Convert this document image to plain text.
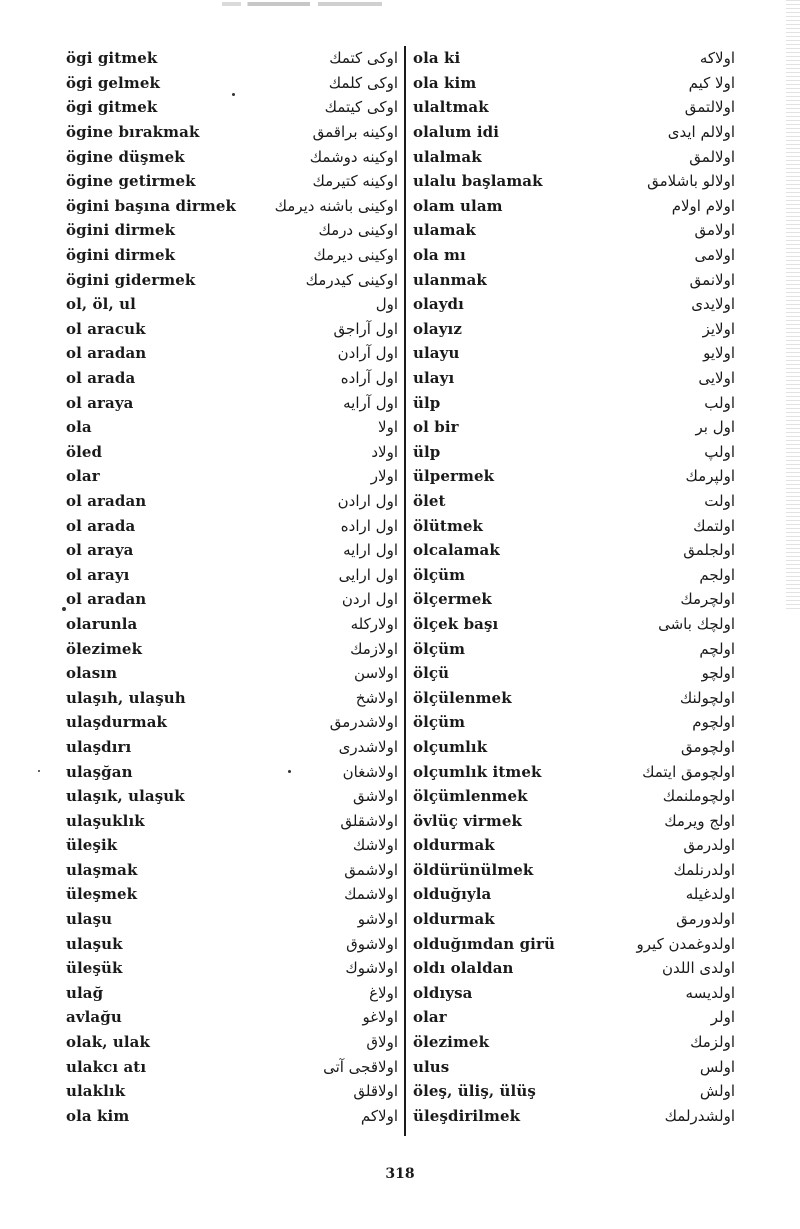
ögi gitmek	اوکی کتمك
ögi gelmek	اوکی کلمك
ögi gitmek	اوکی کیتمك
ögine bırakmak	اوکینه براقمق
ögine düşmek	اوکینه دوشمك
ögine getirmek	اوکینه کتیرمك
ögini başına dirmek	اوکینی باشنه دیرمك
ögini dirmek	اوکینی درمك
ögini dirmek	اوکینی دیرمك
ögini gidermek	اوکینی کیدرمك
ol, öl, ul	اول
ol aracuk	اول آراجق
ol aradan	اول آرادن
ol arada	اول آراده
ol araya	اول آرایه
ola	اولا
öled	اولاد
olar	اولار
ol aradan	اول ارادن
ol arada	اول اراده
ol araya	اول ارایه
ol arayı	اول ارایی
ol aradan	اول اردن
olarunla	اولارکله
ölezimek	اولازمك
olasın	اولاسن
ulaşıh, ulaşuh	اولاشخ
ulaşdurmak	اولاشدرمق
ulaşdırı	اولاشدری
ulaşğan	اولاشغان
ulaşık, ulaşuk	اولاشق
ulaşuklık	اولاشقلق
üleşik	اولاشك
ulaşmak	اولاشمق
üleşmek	اولاشمك
ulaşu	اولاشو
ulaşuk	اولاشوق
üleşük	اولاشوك
ulağ	اولاغ
avlağu	اولاغو
olak, ulak	اولاق
ulakcı atı	اولاقجی آتی
ulaklık	اولاقلق
ola kim	اولاکم
ola ki	اولاکه
ola kim	اولا کیم
ulaltmak	اولالتمق
olalum idi	اولالم ایدی
ulalmak	اولالمق
ulalu başlamak	اولالو باشلامق
olam ulam	اولام اولام
ulamak	اولامق
ola mı	اولامی
ulanmak	اولانمق
olaydı	اولایدی
olayız	اولایز
ulayu	اولایو
ulayı	اولایی
ülp	اولب
ol bir	اول بر
ülp	اولپ
ülpermek	اولپرمك
ölet	اولت
ölütmek	اولتمك
olcalamak	اولجلمق
ölçüm	اولجم
ölçermek	اولچرمك
ölçek başı	اولچك باشی
ölçüm	اولچم
ölçü	اولچو
ölçülenmek	اولچولنك
ölçüm	اولچوم
olçumlık	اولچومق
olçumlık itmek	اولچومق ایتمك
ölçümlenmek	اولچوملنمك
övlüç virmek	اولج ویرمك
oldurmak	اولدرمق
öldürünülmek	اولدرنلمك
olduğıyla	اولدغیله
oldurmak	اولدورمق
olduğımdan girü	اولدوغمدن کیرو
oldı olaldan	اولدی اللدن
oldıysa	اولدیسه
olar	اولر
ölezimek	اولزمك
ulus	اولس
öleş, üliş, ülüş	اولش
üleşdirilmek	اولشدرلمك
318
